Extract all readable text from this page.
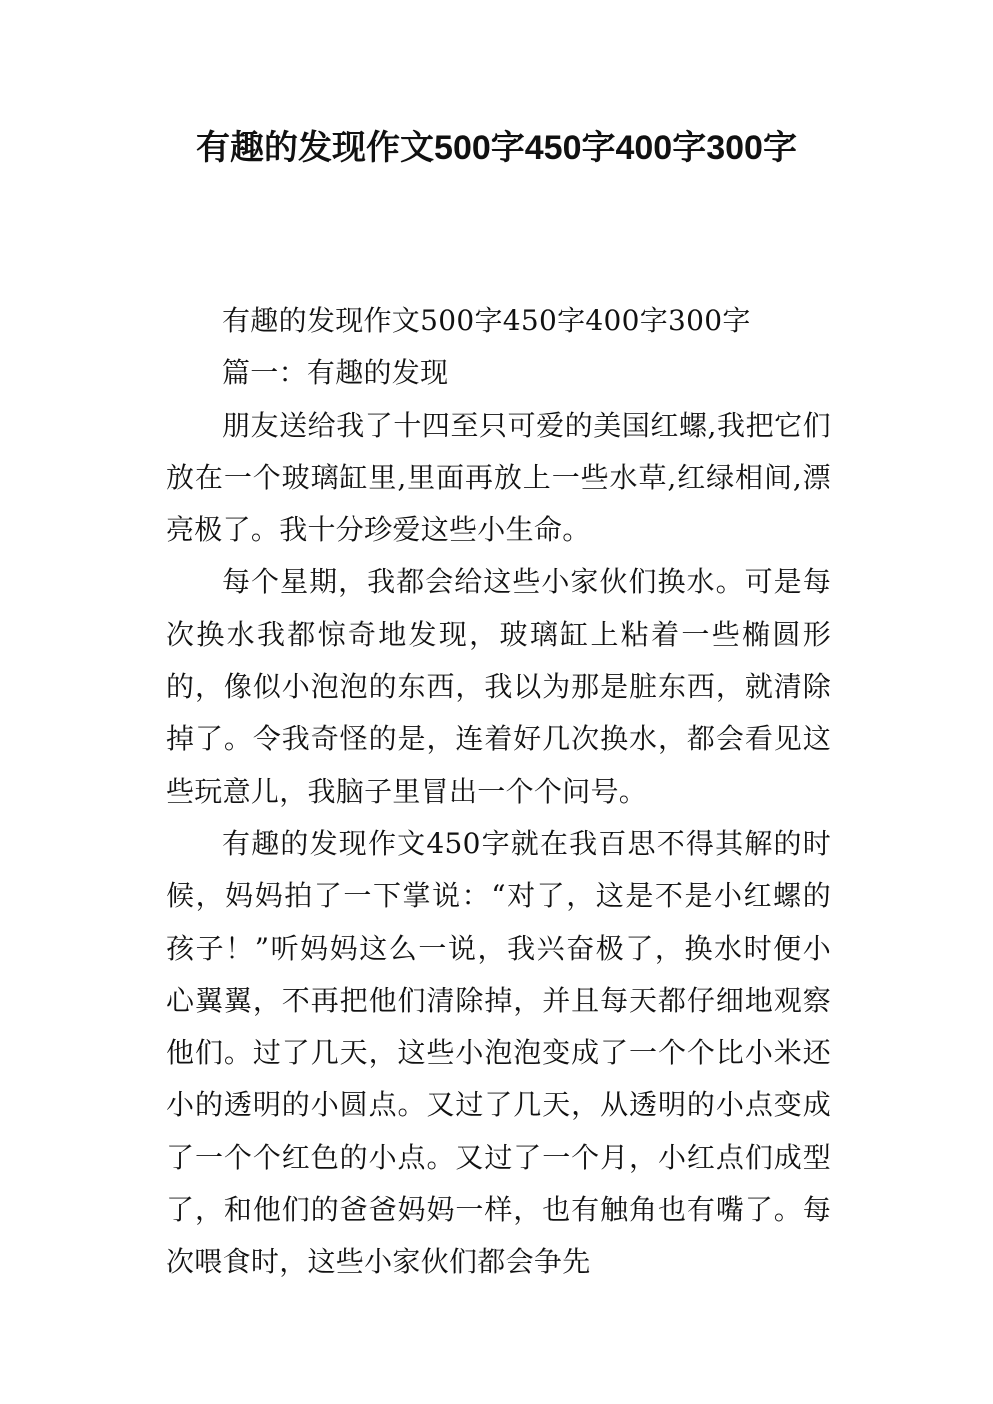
有趣的发现作文500字450字400字300字

有趣的发现作文500字450字400字300字

篇一：有趣的发现

朋友送给我了十四至只可爱的美国红螺,我把它们放在一个玻璃缸里,里面再放上一些水草,红绿相间,漂亮极了。我十分珍爱这些小生命。

每个星期，我都会给这些小家伙们换水。可是每次换水我都惊奇地发现，玻璃缸上粘着一些椭圆形的，像似小泡泡的东西，我以为那是脏东西，就清除掉了。令我奇怪的是，连着好几次换水，都会看见这些玩意儿，我脑子里冒出一个个问号。

有趣的发现作文450字就在我百思不得其解的时候，妈妈拍了一下掌说：“对了，这是不是小红螺的孩子！”听妈妈这么一说，我兴奋极了，换水时便小心翼翼，不再把他们清除掉，并且每天都仔细地观察他们。过了几天，这些小泡泡变成了一个个比小米还小的透明的小圆点。又过了几天，从透明的小点变成了一个个红色的小点。又过了一个月，小红点们成型了，和他们的爸爸妈妈一样，也有触角也有嘴了。每次喂食时，这些小家伙们都会争先
